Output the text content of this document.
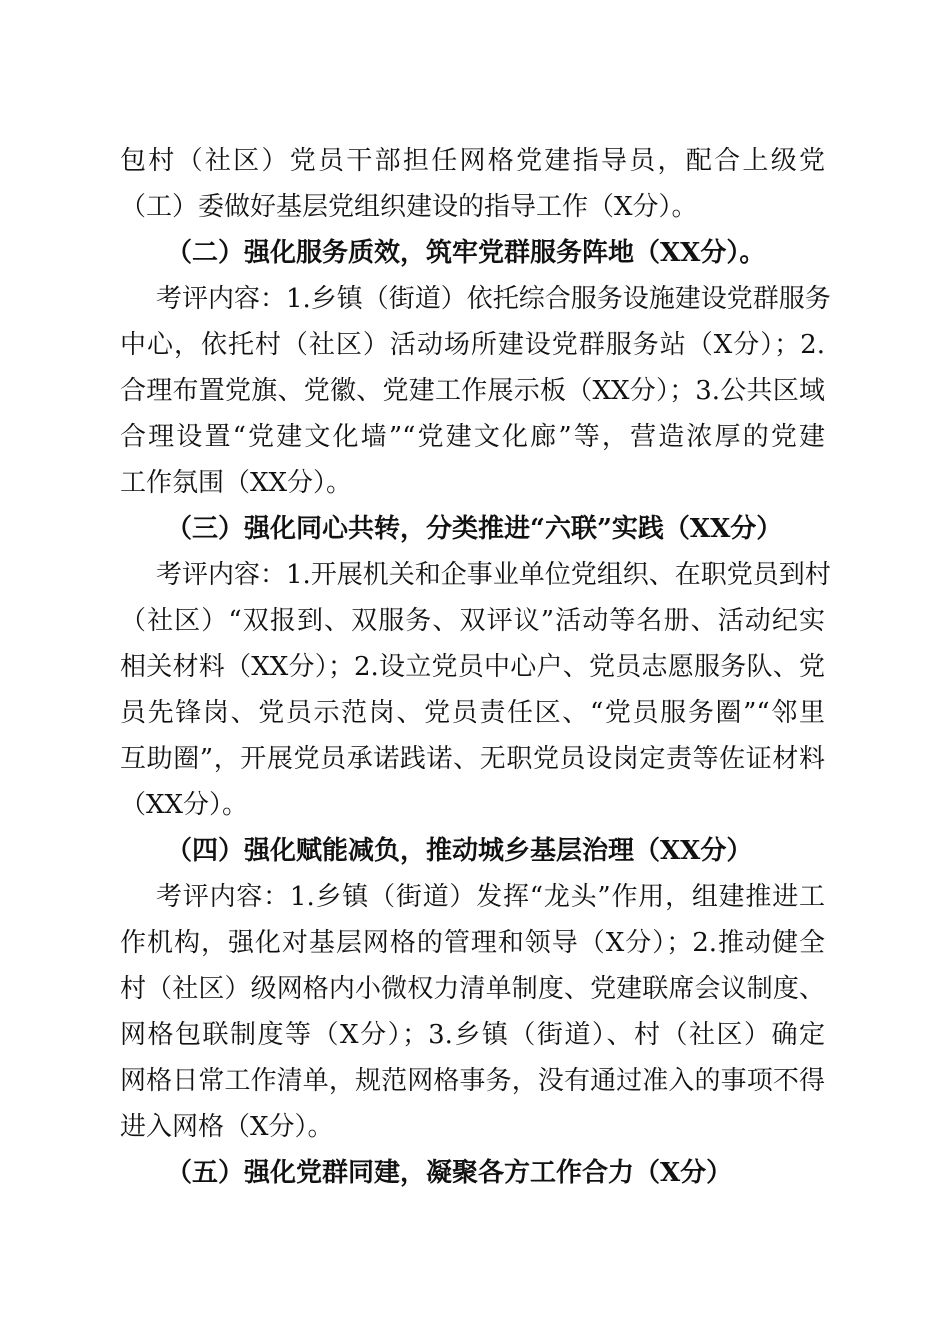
包村（社区）党员干部担任网格党建指导员，配合上级党
（工）委做好基层党组织建设的指导工作（X分）。
（二）强化服务质效，筑牢党群服务阵地（XX分）。
考评内容：1.乡镇（街道）依托综合服务设施建设党群服务
中心，依托村（社区）活动场所建设党群服务站（X分）；2.
合理布置党旗、党徽、党建工作展示板（XX分）；3.公共区域
合理设置“党建文化墙”“党建文化廊”等，营造浓厚的党建
工作氛围（XX分）。
（三）强化同心共转，分类推进“六联”实践（XX分）
考评内容：1.开展机关和企事业单位党组织、在职党员到村
（社区）“双报到、双服务、双评议”活动等名册、活动纪实
相关材料（XX分）；2.设立党员中心户、党员志愿服务队、党
员先锋岗、党员示范岗、党员责任区、“党员服务圈”“邻里
互助圈”，开展党员承诺践诺、无职党员设岗定责等佐证材料
（XX分）。
（四）强化赋能减负，推动城乡基层治理（XX分）
考评内容：1.乡镇（街道）发挥“龙头”作用，组建推进工
作机构，强化对基层网格的管理和领导（X分）；2.推动健全
村（社区）级网格内小微权力清单制度、党建联席会议制度、
网格包联制度等（X分）；3.乡镇（街道）、村（社区）确定
网格日常工作清单，规范网格事务，没有通过准入的事项不得
进入网格（X分）。
（五）强化党群同建，凝聚各方工作合力（X分）
